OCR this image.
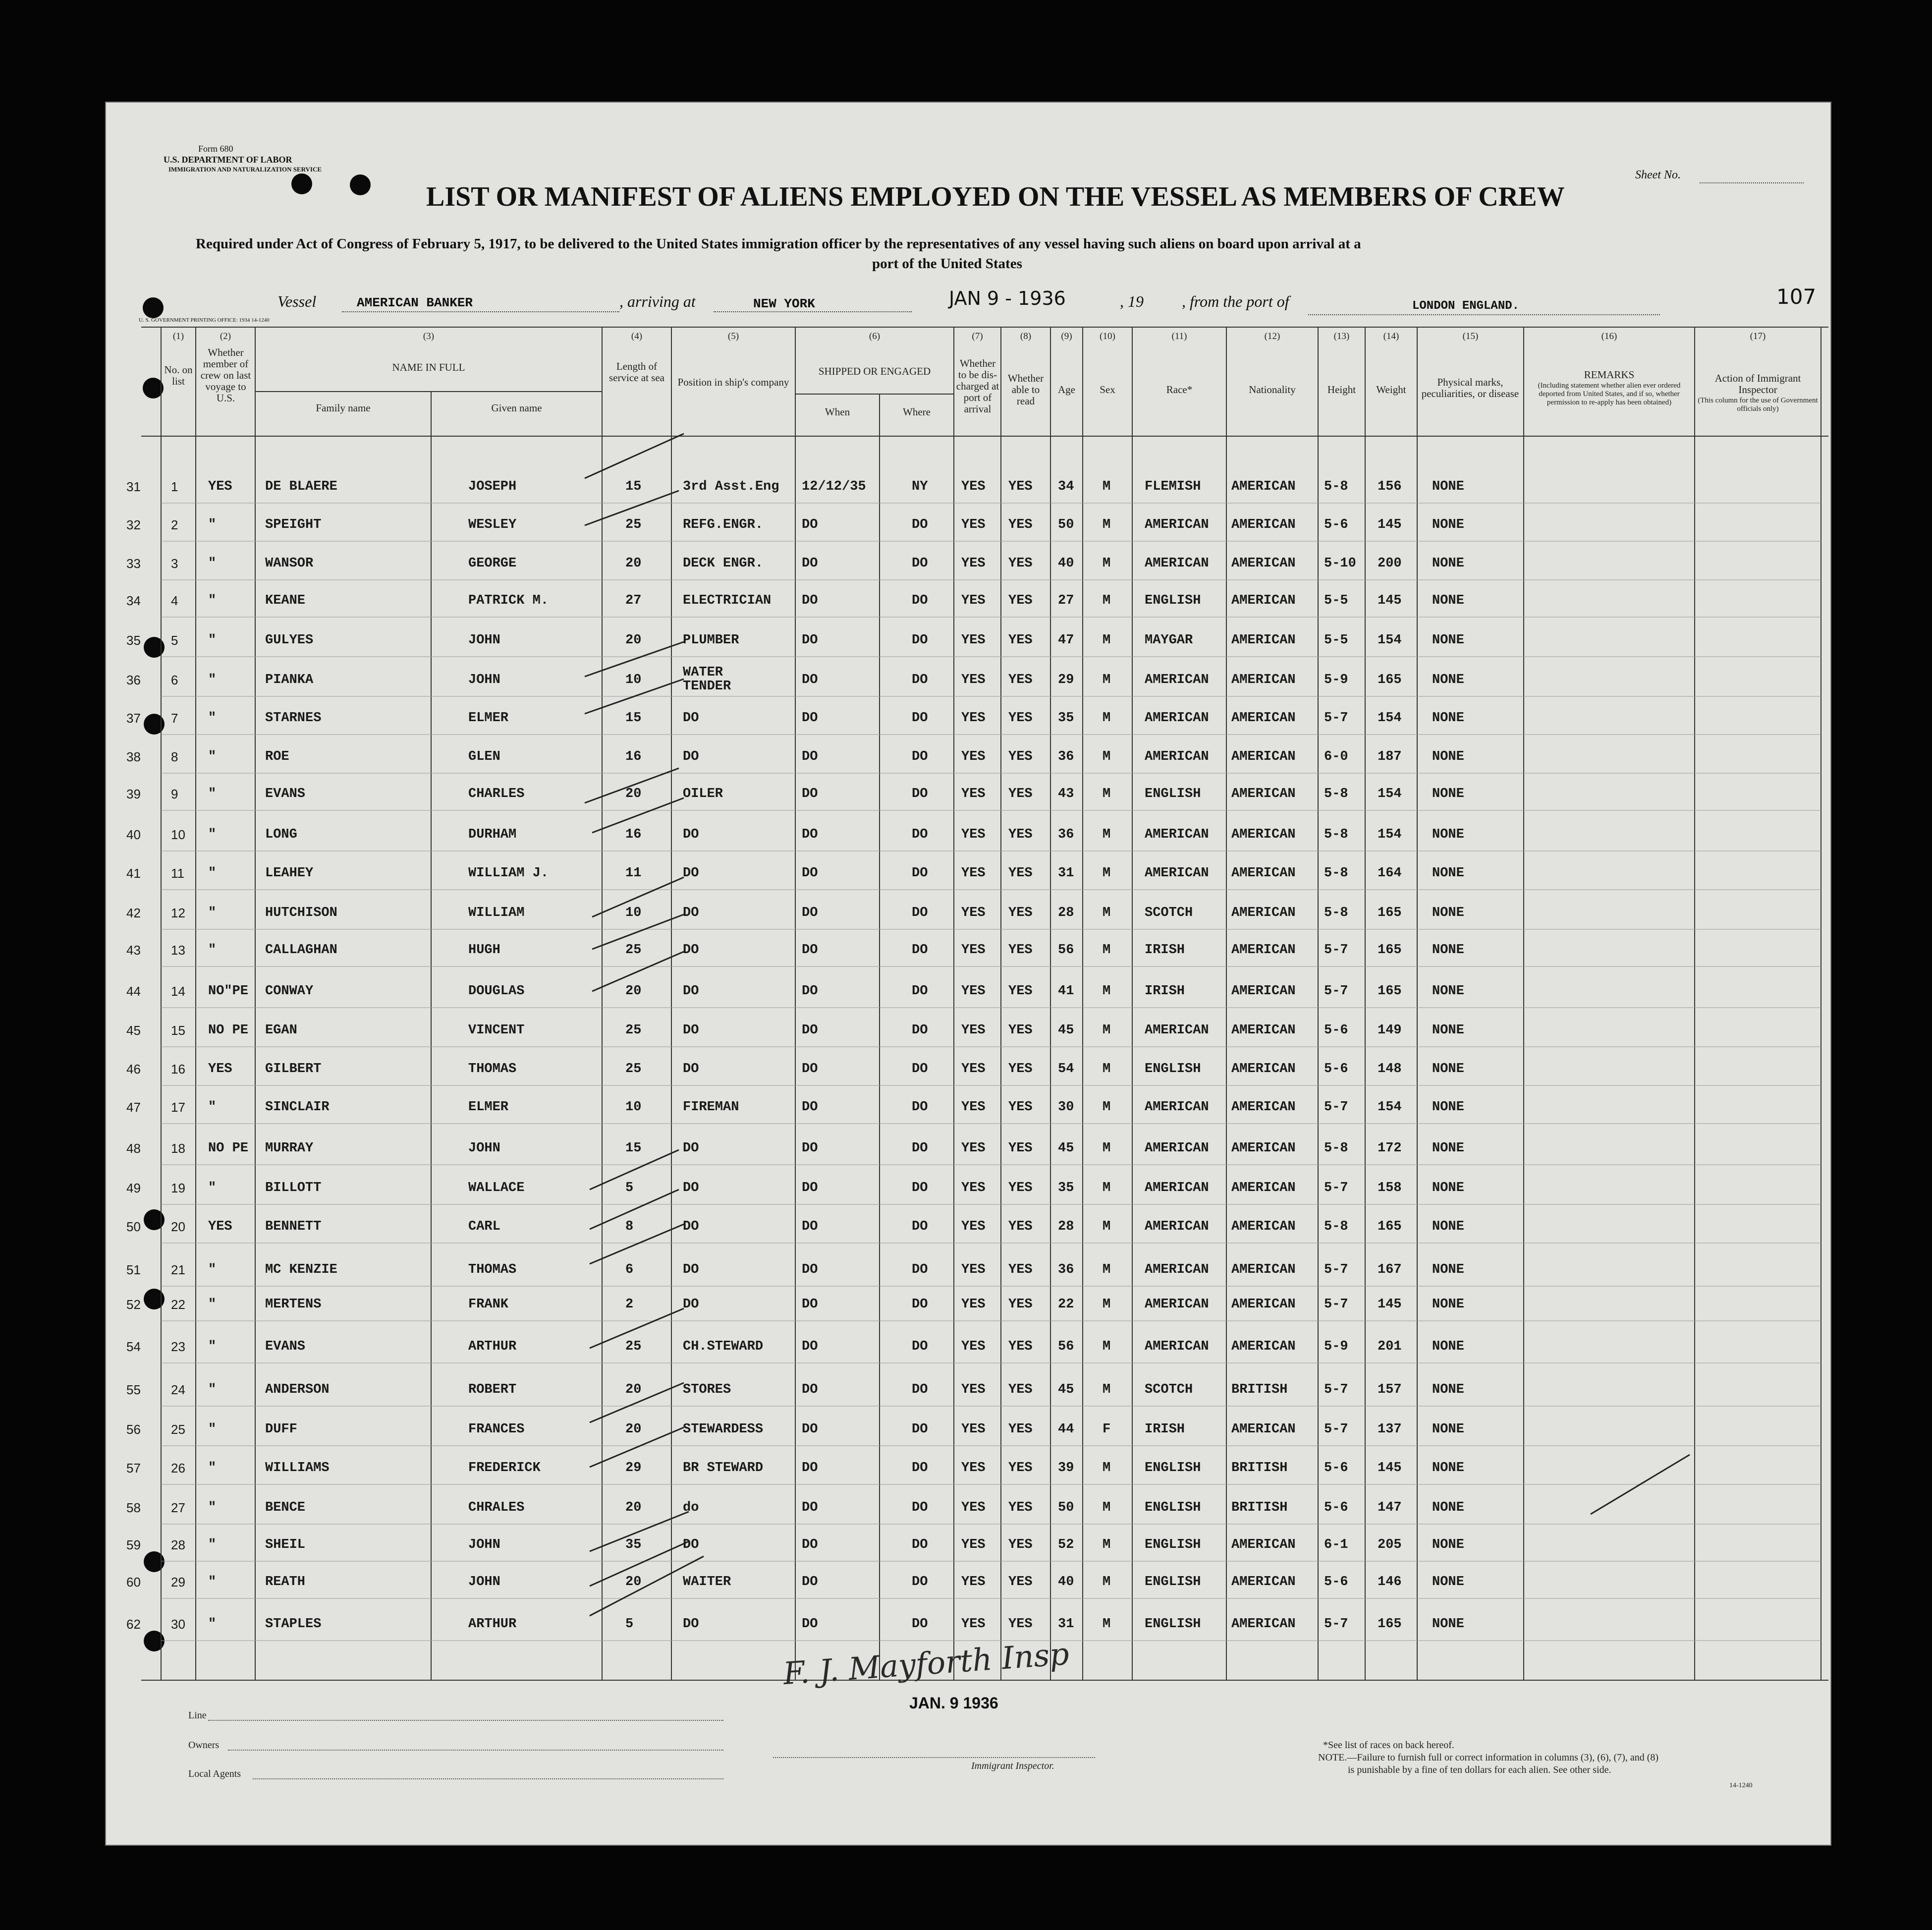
Form 680
U.S. DEPARTMENT OF LABOR
IMMIGRATION AND NATURALIZATION SERVICE	Sheet No.
LIST OR MANIFEST OF ALIENS EMPLOYED ON THE VESSEL AS MEMBERS OF CREW
Required under Act of Congress of February 5, 1917, to be delivered to the United States immigration officer by the representatives of any vessel having such aliens on board upon arrival at a
port of the United States
Vessel	AMERICAN BANKER	, arriving at	NEW YORK	JAN 9 - 1936	, 19 , from the port of	LONDON ENGLAND.	107
U. S. GOVERNMENT PRINTING OFFICE: 1934 14-1240
(1)	(2)	(3)	(4)	(5)	(6)	(7)	(8)	(9)	(10)	(11)	(12)	(13)	(14)	(15)	(16)	(17)
No. on list
Whether member of crew on last voyage to U.S.
NAME IN FULL
Family name	Given name
Length of service at sea	Position in ship's company
SHIPPED OR ENGAGED
When	Where
Whether to be dis-charged at port of arrival
Whether able to read
Age	Sex	Race*	Nationality	Height	Weight
Physical marks, peculiarities, or disease
REMARKS
(Including statement whether alien ever ordered deported from United States, and if so, whether permission to re-apply has been obtained)
Action of Immigrant Inspector
(This column for the use of Government officials only)
31 1 YES DE BLAERE	JOSEPH	15	3rd Asst.Eng 12/12/35	NY	YES YES 34 M	FLEMISH AMERICAN 5-8 156 NONE
32 2 "	SPEIGHT	WESLEY	25	REFG.ENGR.	DO	DO	YES YES 50 M	AMERICAN AMERICAN 5-6 145 NONE
33 3 "	WANSOR	GEORGE	20	DECK ENGR.	DO	DO	YES YES 40 M	AMERICAN AMERICAN 5-10 200 NONE
34 4 "	KEANE	PATRICK M.	27	ELECTRICIAN DO	DO	YES YES 27 M	ENGLISH AMERICAN 5-5 145 NONE
35 5 "	GULYES	JOHN	20	PLUMBER	DO	DO	YES YES 47 M	MAYGAR	AMERICAN 5-5 154 NONE
36 6 "	PIANKA	JOHN	10	WATER TENDER	DO	DO	YES YES 29 M	AMERICAN AMERICAN 5-9 165 NONE
37 7 "	STARNES	ELMER	15	DO	DO	DO	YES YES 35 M	AMERICAN AMERICAN 5-7 154 NONE
38 8 "	ROE	GLEN	16	DO	DO	DO	YES YES 36 M	AMERICAN AMERICAN 6-0 187 NONE
39 9 "	EVANS	CHARLES	20	OILER	DO	DO	YES YES 43 M	ENGLISH AMERICAN 5-8 154 NONE
40 10 "	LONG	DURHAM	16	DO	DO	DO	YES YES 36 M	AMERICAN AMERICAN 5-8 154 NONE
41 11 "	LEAHEY	WILLIAM J.	11	DO	DO	DO	YES YES 31 M	AMERICAN AMERICAN 5-8 164 NONE
42 12 "	HUTCHISON	WILLIAM	10	DO	DO	DO	YES YES 28 M	SCOTCH	AMERICAN 5-8 165 NONE
43 13 "	CALLAGHAN	HUGH	25	DO	DO	DO	YES YES 56 M	IRISH	AMERICAN 5-7 165 NONE
44 14 NO"PE CONWAY	DOUGLAS	20	DO	DO	DO	YES YES 41 M	IRISH	AMERICAN 5-7 165 NONE
45 15 NO PE EGAN	VINCENT	25	DO	DO	DO	YES YES 45 M	AMERICAN AMERICAN 5-6 149 NONE
46 16 YES GILBERT	THOMAS	25	DO	DO	DO	YES YES 54 M	ENGLISH AMERICAN 5-6 148 NONE
47 17 "	SINCLAIR	ELMER	10	FIREMAN	DO	DO	YES YES 30 M	AMERICAN AMERICAN 5-7 154 NONE
48 18 NO PE MURRAY	JOHN	15	DO	DO	DO	YES YES 45 M	AMERICAN AMERICAN 5-8 172 NONE
49 19 "	BILLOTT	WALLACE	5	DO	DO	DO	YES YES 35 M	AMERICAN AMERICAN 5-7 158 NONE
50 20 YES BENNETT	CARL	8	DO	DO	DO	YES YES 28 M	AMERICAN AMERICAN 5-8 165 NONE
51 21 "	MC KENZIE	THOMAS	6	DO	DO	DO	YES YES 36 M	AMERICAN AMERICAN 5-7 167 NONE
52 22 "	MERTENS	FRANK	2	DO	DO	DO	YES YES 22 M	AMERICAN AMERICAN 5-7 145 NONE
54 23 "	EVANS	ARTHUR	25	CH.STEWARD	DO	DO	YES YES 56 M	AMERICAN AMERICAN 5-9 201 NONE
55 24 "	ANDERSON	ROBERT	20	STORES	DO	DO	YES YES 45 M	SCOTCH	BRITISH	5-7 157 NONE
56 25 "	DUFF	FRANCES	20	STEWARDESS	DO	DO	YES YES 44 F	IRISH	AMERICAN 5-7 137 NONE
57 26 "	WILLIAMS	FREDERICK	29	BR STEWARD	DO	DO	YES YES 39 M	ENGLISH BRITISH	5-6 145 NONE
58 27 "	BENCE	CHRALES	20	do	DO	DO	YES YES 50 M	ENGLISH BRITISH	5-6 147 NONE
59 28 "	SHEIL	JOHN	35	DO	DO	DO	YES YES 52 M	ENGLISH AMERICAN 6-1 205 NONE
60 29 "	REATH	JOHN	20	WAITER	DO	DO	YES YES 40 M	ENGLISH AMERICAN 5-6 146 NONE
62 30 "	STAPLES	ARTHUR	5	DO	DO	DO	YES YES 31 M	ENGLISH AMERICAN 5-7 165 NONE
Line
Owners
Local Agents
F. J. Mayforth Insp
JAN. 9 1936
Immigrant Inspector.
*See list of races on back hereof.
NOTE.—Failure to furnish full or correct information in columns (3), (6), (7), and (8)
is punishable by a fine of ten dollars for each alien. See other side.
14-1240
